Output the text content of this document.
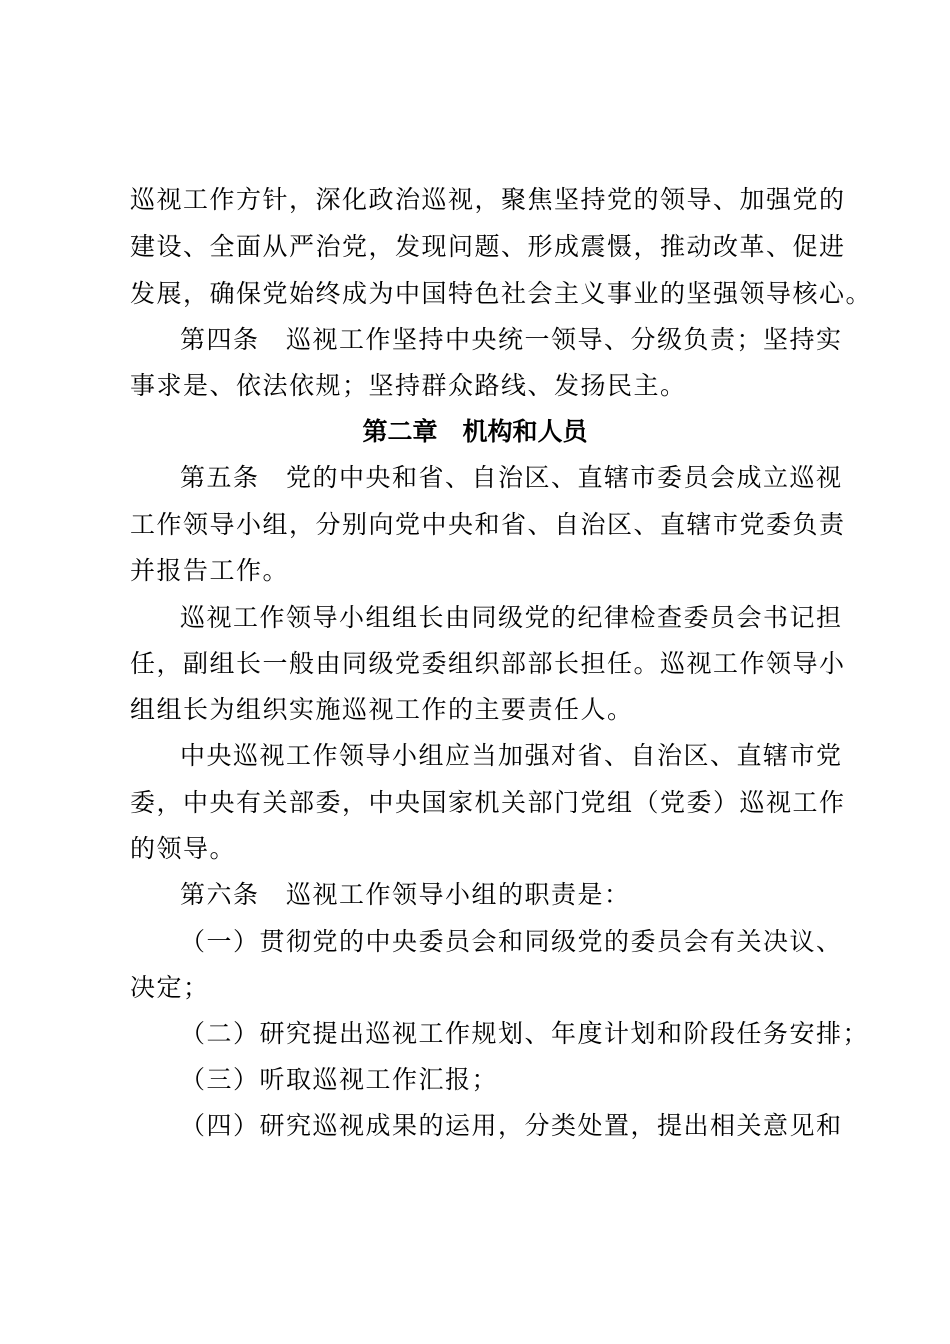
巡视工作方针，深化政治巡视，聚焦坚持党的领导、加强党的
建设、全面从严治党，发现问题、形成震慑，推动改革、促进
发展，确保党始终成为中国特色社会主义事业的坚强领导核心。
第四条　巡视工作坚持中央统一领导、分级负责；坚持实
事求是、依法依规；坚持群众路线、发扬民主。
第二章　机构和人员
第五条　党的中央和省、自治区、直辖市委员会成立巡视
工作领导小组，分别向党中央和省、自治区、直辖市党委负责
并报告工作。
巡视工作领导小组组长由同级党的纪律检查委员会书记担
任，副组长一般由同级党委组织部部长担任。巡视工作领导小
组组长为组织实施巡视工作的主要责任人。
中央巡视工作领导小组应当加强对省、自治区、直辖市党
委，中央有关部委，中央国家机关部门党组（党委）巡视工作
的领导。
第六条　巡视工作领导小组的职责是：
（一）贯彻党的中央委员会和同级党的委员会有关决议、
决定；
（二）研究提出巡视工作规划、年度计划和阶段任务安排；
（三）听取巡视工作汇报；
（四）研究巡视成果的运用，分类处置，提出相关意见和
